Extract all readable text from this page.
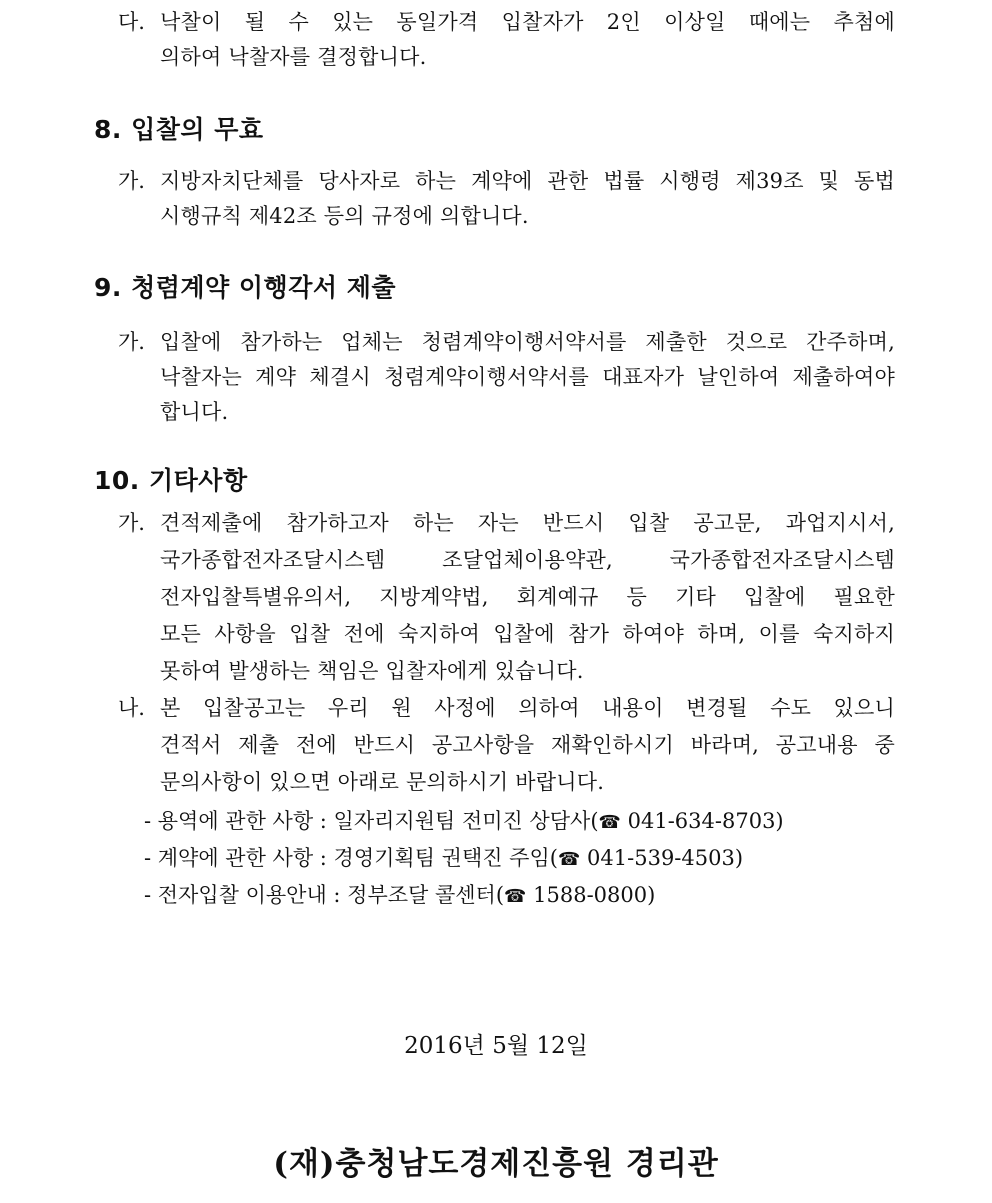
다. 낙찰이 될 수 있는 동일가격 입찰자가 2인 이상일 때에는 추첨에
의하여 낙찰자를 결정합니다.
8. 입찰의 무효
가. 지방자치단체를 당사자로 하는 계약에 관한 법률 시행령 제39조 및 동법
시행규칙 제42조 등의 규정에 의합니다.
9. 청렴계약 이행각서 제출
가. 입찰에 참가하는 업체는 청렴계약이행서약서를 제출한 것으로 간주하며,
낙찰자는 계약 체결시 청렴계약이행서약서를 대표자가 날인하여 제출하여야
합니다.
10. 기타사항
가. 견적제출에 참가하고자 하는 자는 반드시 입찰 공고문, 과업지시서,
국가종합전자조달시스템 조달업체이용약관, 국가종합전자조달시스템
전자입찰특별유의서, 지방계약법, 회계예규 등 기타 입찰에 필요한
모든 사항을 입찰 전에 숙지하여 입찰에 참가 하여야 하며, 이를 숙지하지
못하여 발생하는 책임은 입찰자에게 있습니다.
나. 본 입찰공고는 우리 원 사정에 의하여 내용이 변경될 수도 있으니
견적서 제출 전에 반드시 공고사항을 재확인하시기 바라며, 공고내용 중
문의사항이 있으면 아래로 문의하시기 바랍니다.
- 용역에 관한 사항 : 일자리지원팀 전미진 상담사(☎ 041-634-8703)
- 계약에 관한 사항 : 경영기획팀 권택진 주임(☎ 041-539-4503)
- 전자입찰 이용안내 : 정부조달 콜센터(☎ 1588-0800)
2016년 5월 12일
(재)충청남도경제진흥원 경리관
